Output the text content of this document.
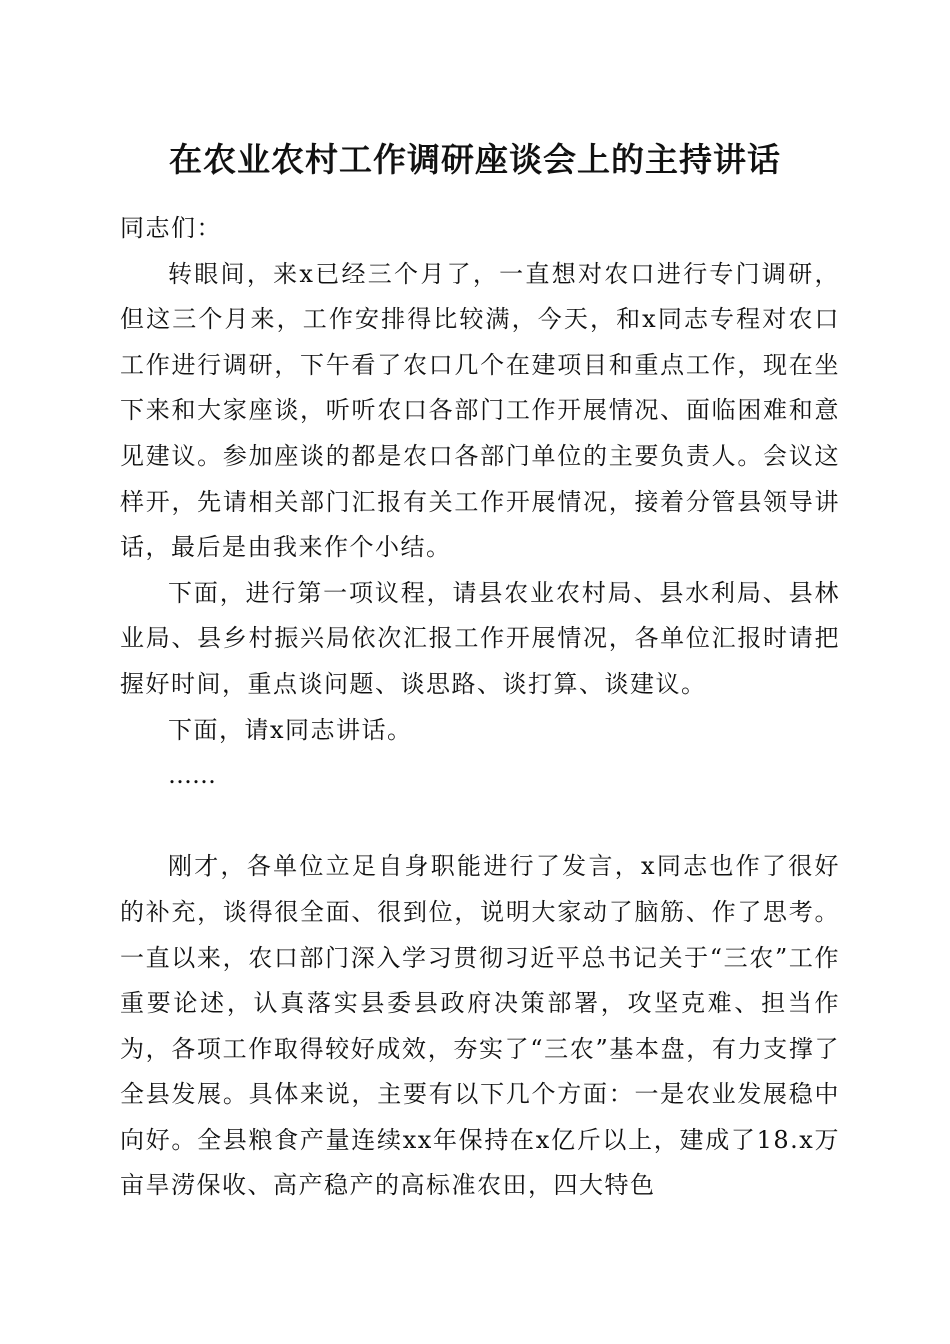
在农业农村工作调研座谈会上的主持讲话

同志们：

转眼间，来x已经三个月了，一直想对农口进行专门调研，但这三个月来，工作安排得比较满，今天，和x同志专程对农口工作进行调研，下午看了农口几个在建项目和重点工作，现在坐下来和大家座谈，听听农口各部门工作开展情况、面临困难和意见建议。参加座谈的都是农口各部门单位的主要负责人。会议这样开，先请相关部门汇报有关工作开展情况，接着分管县领导讲话，最后是由我来作个小结。

下面，进行第一项议程，请县农业农村局、县水利局、县林业局、县乡村振兴局依次汇报工作开展情况，各单位汇报时请把握好时间，重点谈问题、谈思路、谈打算、谈建议。

下面，请x同志讲话。

……

刚才，各单位立足自身职能进行了发言，x同志也作了很好的补充，谈得很全面、很到位，说明大家动了脑筋、作了思考。一直以来，农口部门深入学习贯彻习近平总书记关于“三农”工作重要论述，认真落实县委县政府决策部署，攻坚克难、担当作为，各项工作取得较好成效，夯实了“三农”基本盘，有力支撑了全县发展。具体来说，主要有以下几个方面：一是农业发展稳中向好。全县粮食产量连续xx年保持在x亿斤以上，建成了18.x万亩旱涝保收、高产稳产的高标准农田，四大特色
